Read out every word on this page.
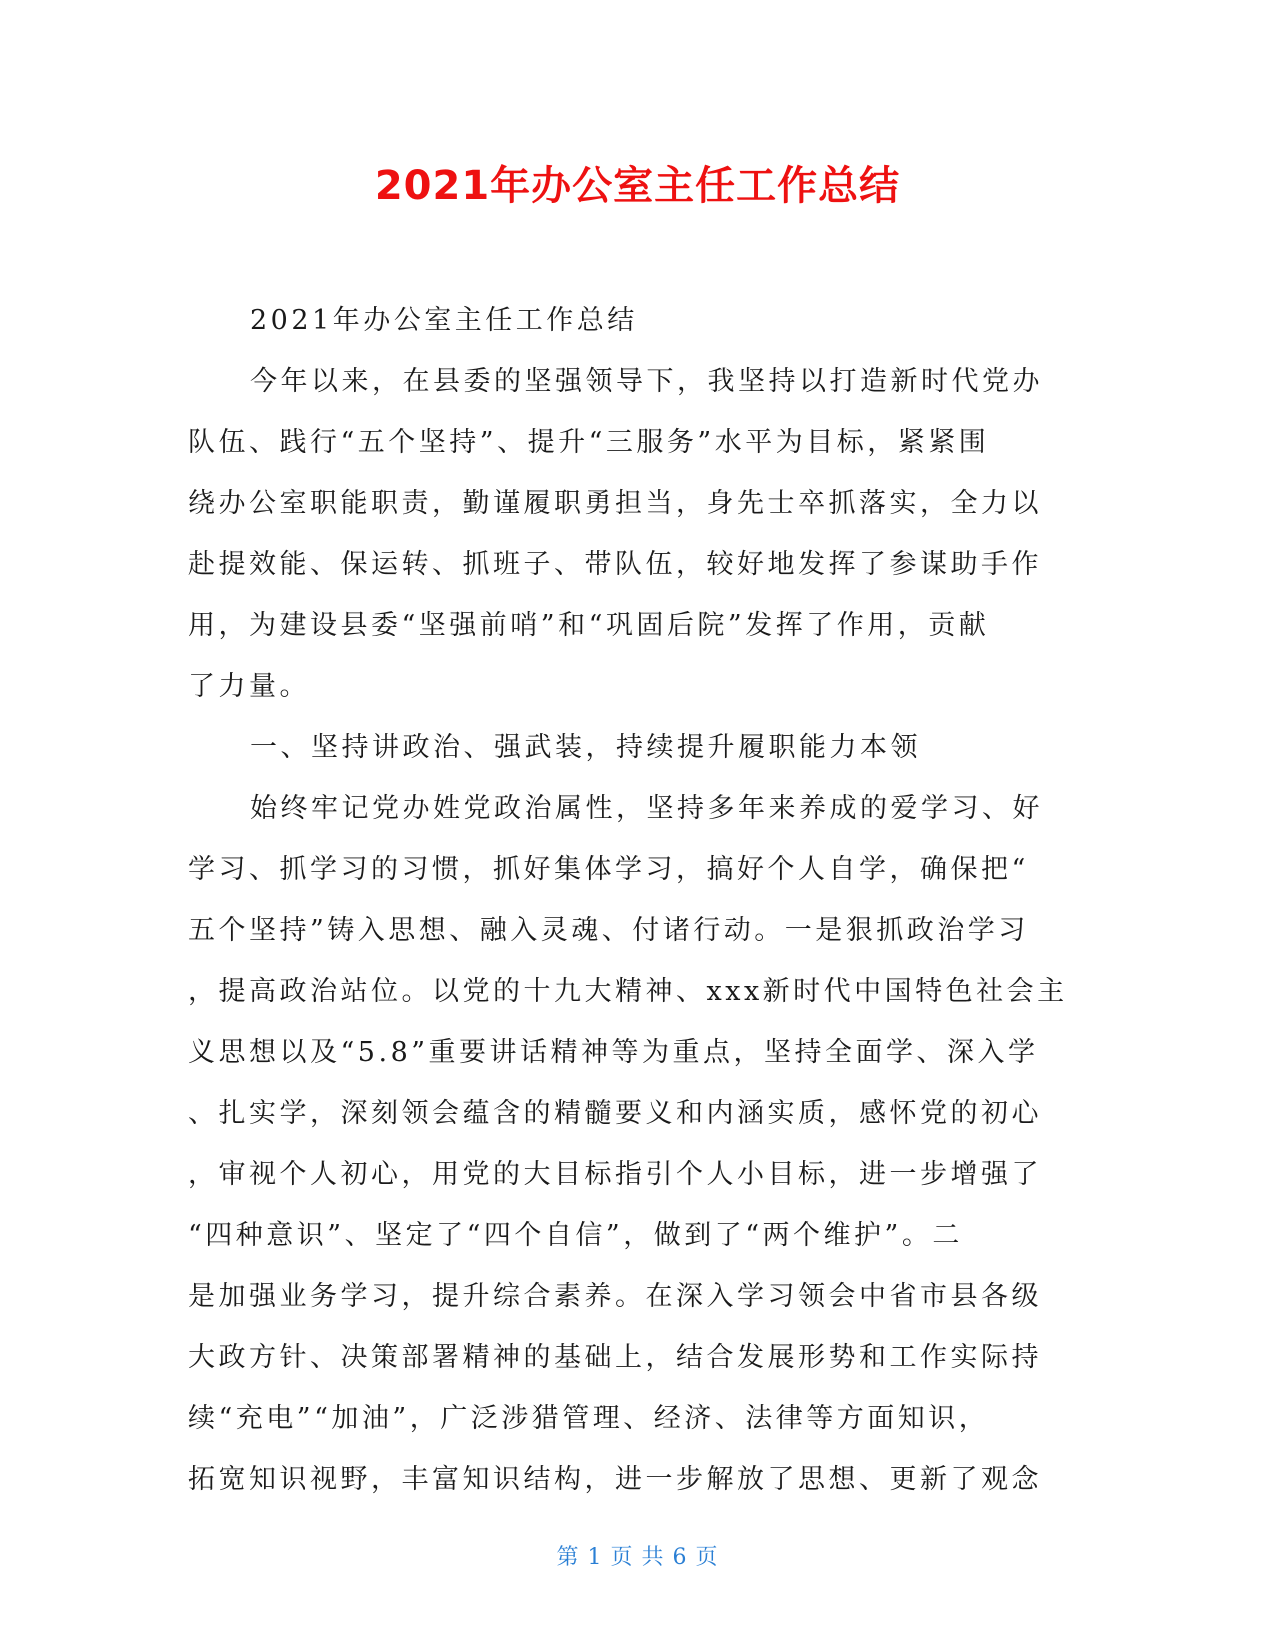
2021年办公室主任工作总结

2021年办公室主任工作总结

今年以来，在县委的坚强领导下，我坚持以打造新时代党办
队伍、践行“五个坚持”、提升“三服务”水平为目标，紧紧围
绕办公室职能职责，勤谨履职勇担当，身先士卒抓落实，全力以
赴提效能、保运转、抓班子、带队伍，较好地发挥了参谋助手作
用，为建设县委“坚强前哨”和“巩固后院”发挥了作用，贡献
了力量。

一、坚持讲政治、强武装，持续提升履职能力本领

始终牢记党办姓党政治属性，坚持多年来养成的爱学习、好
学习、抓学习的习惯，抓好集体学习，搞好个人自学，确保把“
五个坚持”铸入思想、融入灵魂、付诸行动。一是狠抓政治学习
，提高政治站位。以党的十九大精神、xxx新时代中国特色社会主
义思想以及“5.8”重要讲话精神等为重点，坚持全面学、深入学
、扎实学，深刻领会蕴含的精髓要义和内涵实质，感怀党的初心
，审视个人初心，用党的大目标指引个人小目标，进一步增强了
“四种意识”、坚定了“四个自信”，做到了“两个维护”。二
是加强业务学习，提升综合素养。在深入学习领会中省市县各级
大政方针、决策部署精神的基础上，结合发展形势和工作实际持
续“充电”“加油”，广泛涉猎管理、经济、法律等方面知识，
拓宽知识视野，丰富知识结构，进一步解放了思想、更新了观念

第 1 页 共 6 页
